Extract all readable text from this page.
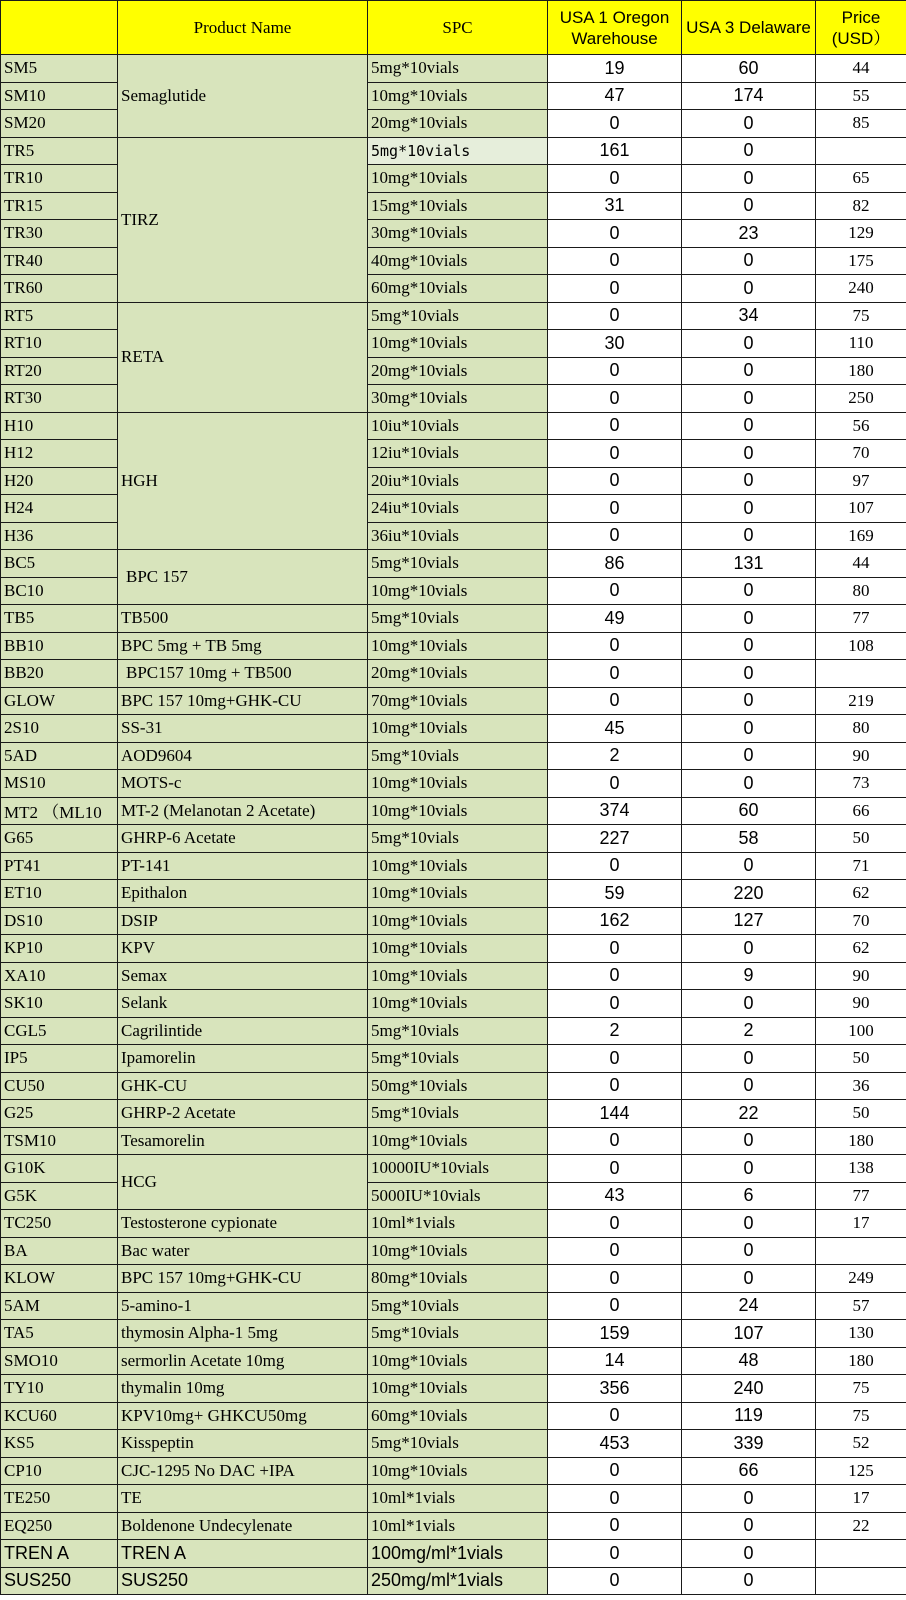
	Product Name	SPC	USA 1 Oregon Warehouse	USA 3 Delaware	Price (USD）
SM5	Semaglutide	5mg*10vials	19	60	44
SM10		10mg*10vials	47	174	55
SM20		20mg*10vials	0	0	85
TR5	TIRZ	5mg*10vials	161	0	
TR10		10mg*10vials	0	0	65
TR15		15mg*10vials	31	0	82
TR30		30mg*10vials	0	23	129
TR40		40mg*10vials	0	0	175
TR60		60mg*10vials	0	0	240
RT5	RETA	5mg*10vials	0	34	75
RT10		10mg*10vials	30	0	110
RT20		20mg*10vials	0	0	180
RT30		30mg*10vials	0	0	250
H10	HGH	10iu*10vials	0	0	56
H12		12iu*10vials	0	0	70
H20		20iu*10vials	0	0	97
H24		24iu*10vials	0	0	107
H36		36iu*10vials	0	0	169
BC5	BPC 157	5mg*10vials	86	131	44
BC10		10mg*10vials	0	0	80
TB5	TB500	5mg*10vials	49	0	77
BB10	BPC 5mg + TB 5mg	10mg*10vials	0	0	108
BB20	BPC157 10mg + TB500	20mg*10vials	0	0	
GLOW	BPC 157 10mg+GHK-CU	70mg*10vials	0	0	219
2S10	SS-31	10mg*10vials	45	0	80
5AD	AOD9604	5mg*10vials	2	0	90
MS10	MOTS-c	10mg*10vials	0	0	73
MT2 （ML10	MT-2 (Melanotan 2 Acetate)	10mg*10vials	374	60	66
G65	GHRP-6 Acetate	5mg*10vials	227	58	50
PT41	PT-141	10mg*10vials	0	0	71
ET10	Epithalon	10mg*10vials	59	220	62
DS10	DSIP	10mg*10vials	162	127	70
KP10	KPV	10mg*10vials	0	0	62
XA10	Semax	10mg*10vials	0	9	90
SK10	Selank	10mg*10vials	0	0	90
CGL5	Cagrilintide	5mg*10vials	2	2	100
IP5	Ipamorelin	5mg*10vials	0	0	50
CU50	GHK-CU	50mg*10vials	0	0	36
G25	GHRP-2 Acetate	5mg*10vials	144	22	50
TSM10	Tesamorelin	10mg*10vials	0	0	180
G10K	HCG	10000IU*10vials	0	0	138
G5K		5000IU*10vials	43	6	77
TC250	Testosterone cypionate	10ml*1vials	0	0	17
BA	Bac water	10mg*10vials	0	0	
KLOW	BPC 157 10mg+GHK-CU	80mg*10vials	0	0	249
5AM	5-amino-1	5mg*10vials	0	24	57
TA5	thymosin Alpha-1 5mg	5mg*10vials	159	107	130
SMO10	sermorlin Acetate 10mg	10mg*10vials	14	48	180
TY10	thymalin 10mg	10mg*10vials	356	240	75
KCU60	KPV10mg+ GHKCU50mg	60mg*10vials	0	119	75
KS5	Kisspeptin	5mg*10vials	453	339	52
CP10	CJC-1295 No DAC +IPA	10mg*10vials	0	66	125
TE250	TE	10ml*1vials	0	0	17
EQ250	Boldenone Undecylenate	10ml*1vials	0	0	22
TREN A	TREN A	100mg/ml*1vials	0	0	
SUS250	SUS250	250mg/ml*1vials	0	0	
